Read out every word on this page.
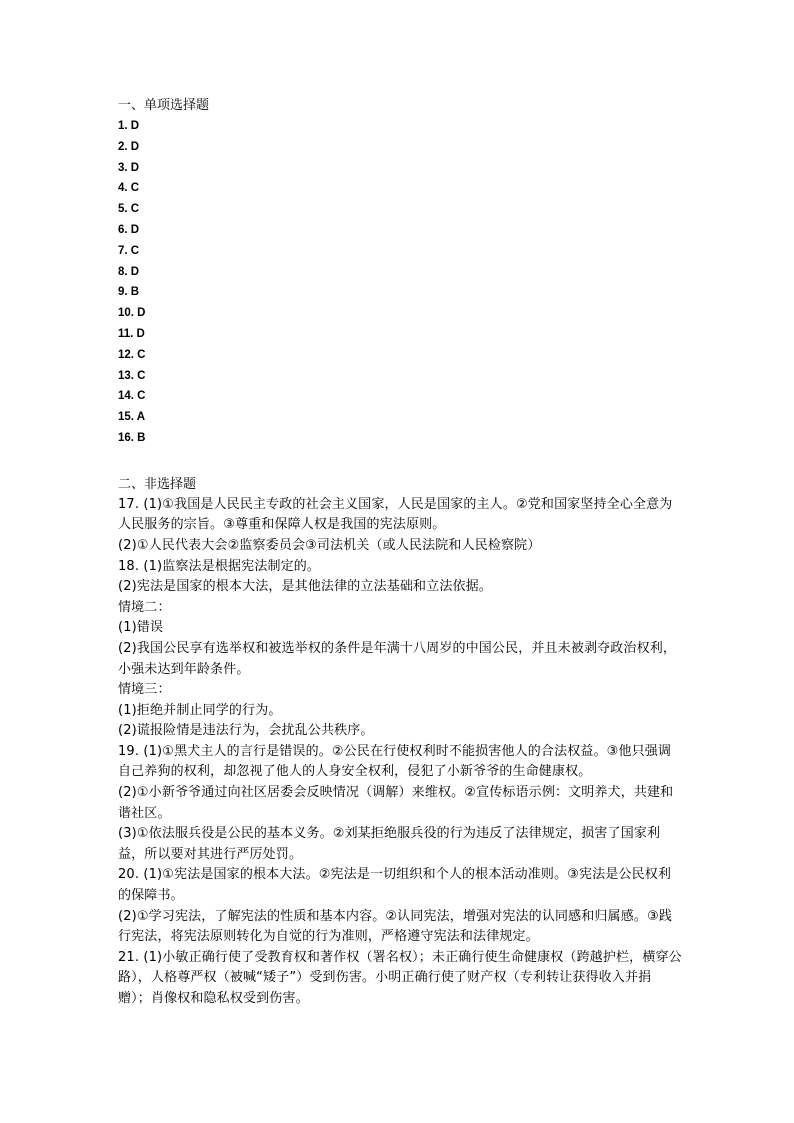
一、单项选择题
1. D
2. D
3. D
4. C
5. C
6. D
7. C
8. D
9. B
10. D
11. D
12. C
13. C
14. C
15. A
16. B
二、非选择题

17. (1)①我国是人民民主专政的社会主义国家，人民是国家的主人。②党和国家坚持全心全意为人民服务的宗旨。③尊重和保障人权是我国的宪法原则。

(2)①人民代表大会②监察委员会③司法机关（或人民法院和人民检察院）

18. (1)监察法是根据宪法制定的。

(2)宪法是国家的根本大法，是其他法律的立法基础和立法依据。

情境二：

(1)错误

(2)我国公民享有选举权和被选举权的条件是年满十八周岁的中国公民，并且未被剥夺政治权利，小强未达到年龄条件。

情境三：

(1)拒绝并制止同学的行为。

(2)谎报险情是违法行为，会扰乱公共秩序。

19. (1)①黑犬主人的言行是错误的。②公民在行使权利时不能损害他人的合法权益。③他只强调自己养狗的权利，却忽视了他人的人身安全权利，侵犯了小新爷爷的生命健康权。

(2)①小新爷爷通过向社区居委会反映情况（调解）来维权。②宣传标语示例：文明养犬，共建和谐社区。

(3)①依法服兵役是公民的基本义务。②刘某拒绝服兵役的行为违反了法律规定，损害了国家利益，所以要对其进行严厉处罚。

20. (1)①宪法是国家的根本大法。②宪法是一切组织和个人的根本活动准则。③宪法是公民权利的保障书。

(2)①学习宪法，了解宪法的性质和基本内容。②认同宪法，增强对宪法的认同感和归属感。③践行宪法，将宪法原则转化为自觉的行为准则，严格遵守宪法和法律规定。

21. (1)小敏正确行使了受教育权和著作权（署名权）；未正确行使生命健康权（跨越护栏，横穿公路），人格尊严权（被喊“矮子”）受到伤害。小明正确行使了财产权（专利转让获得收入并捐赠）；肖像权和隐私权受到伤害。
